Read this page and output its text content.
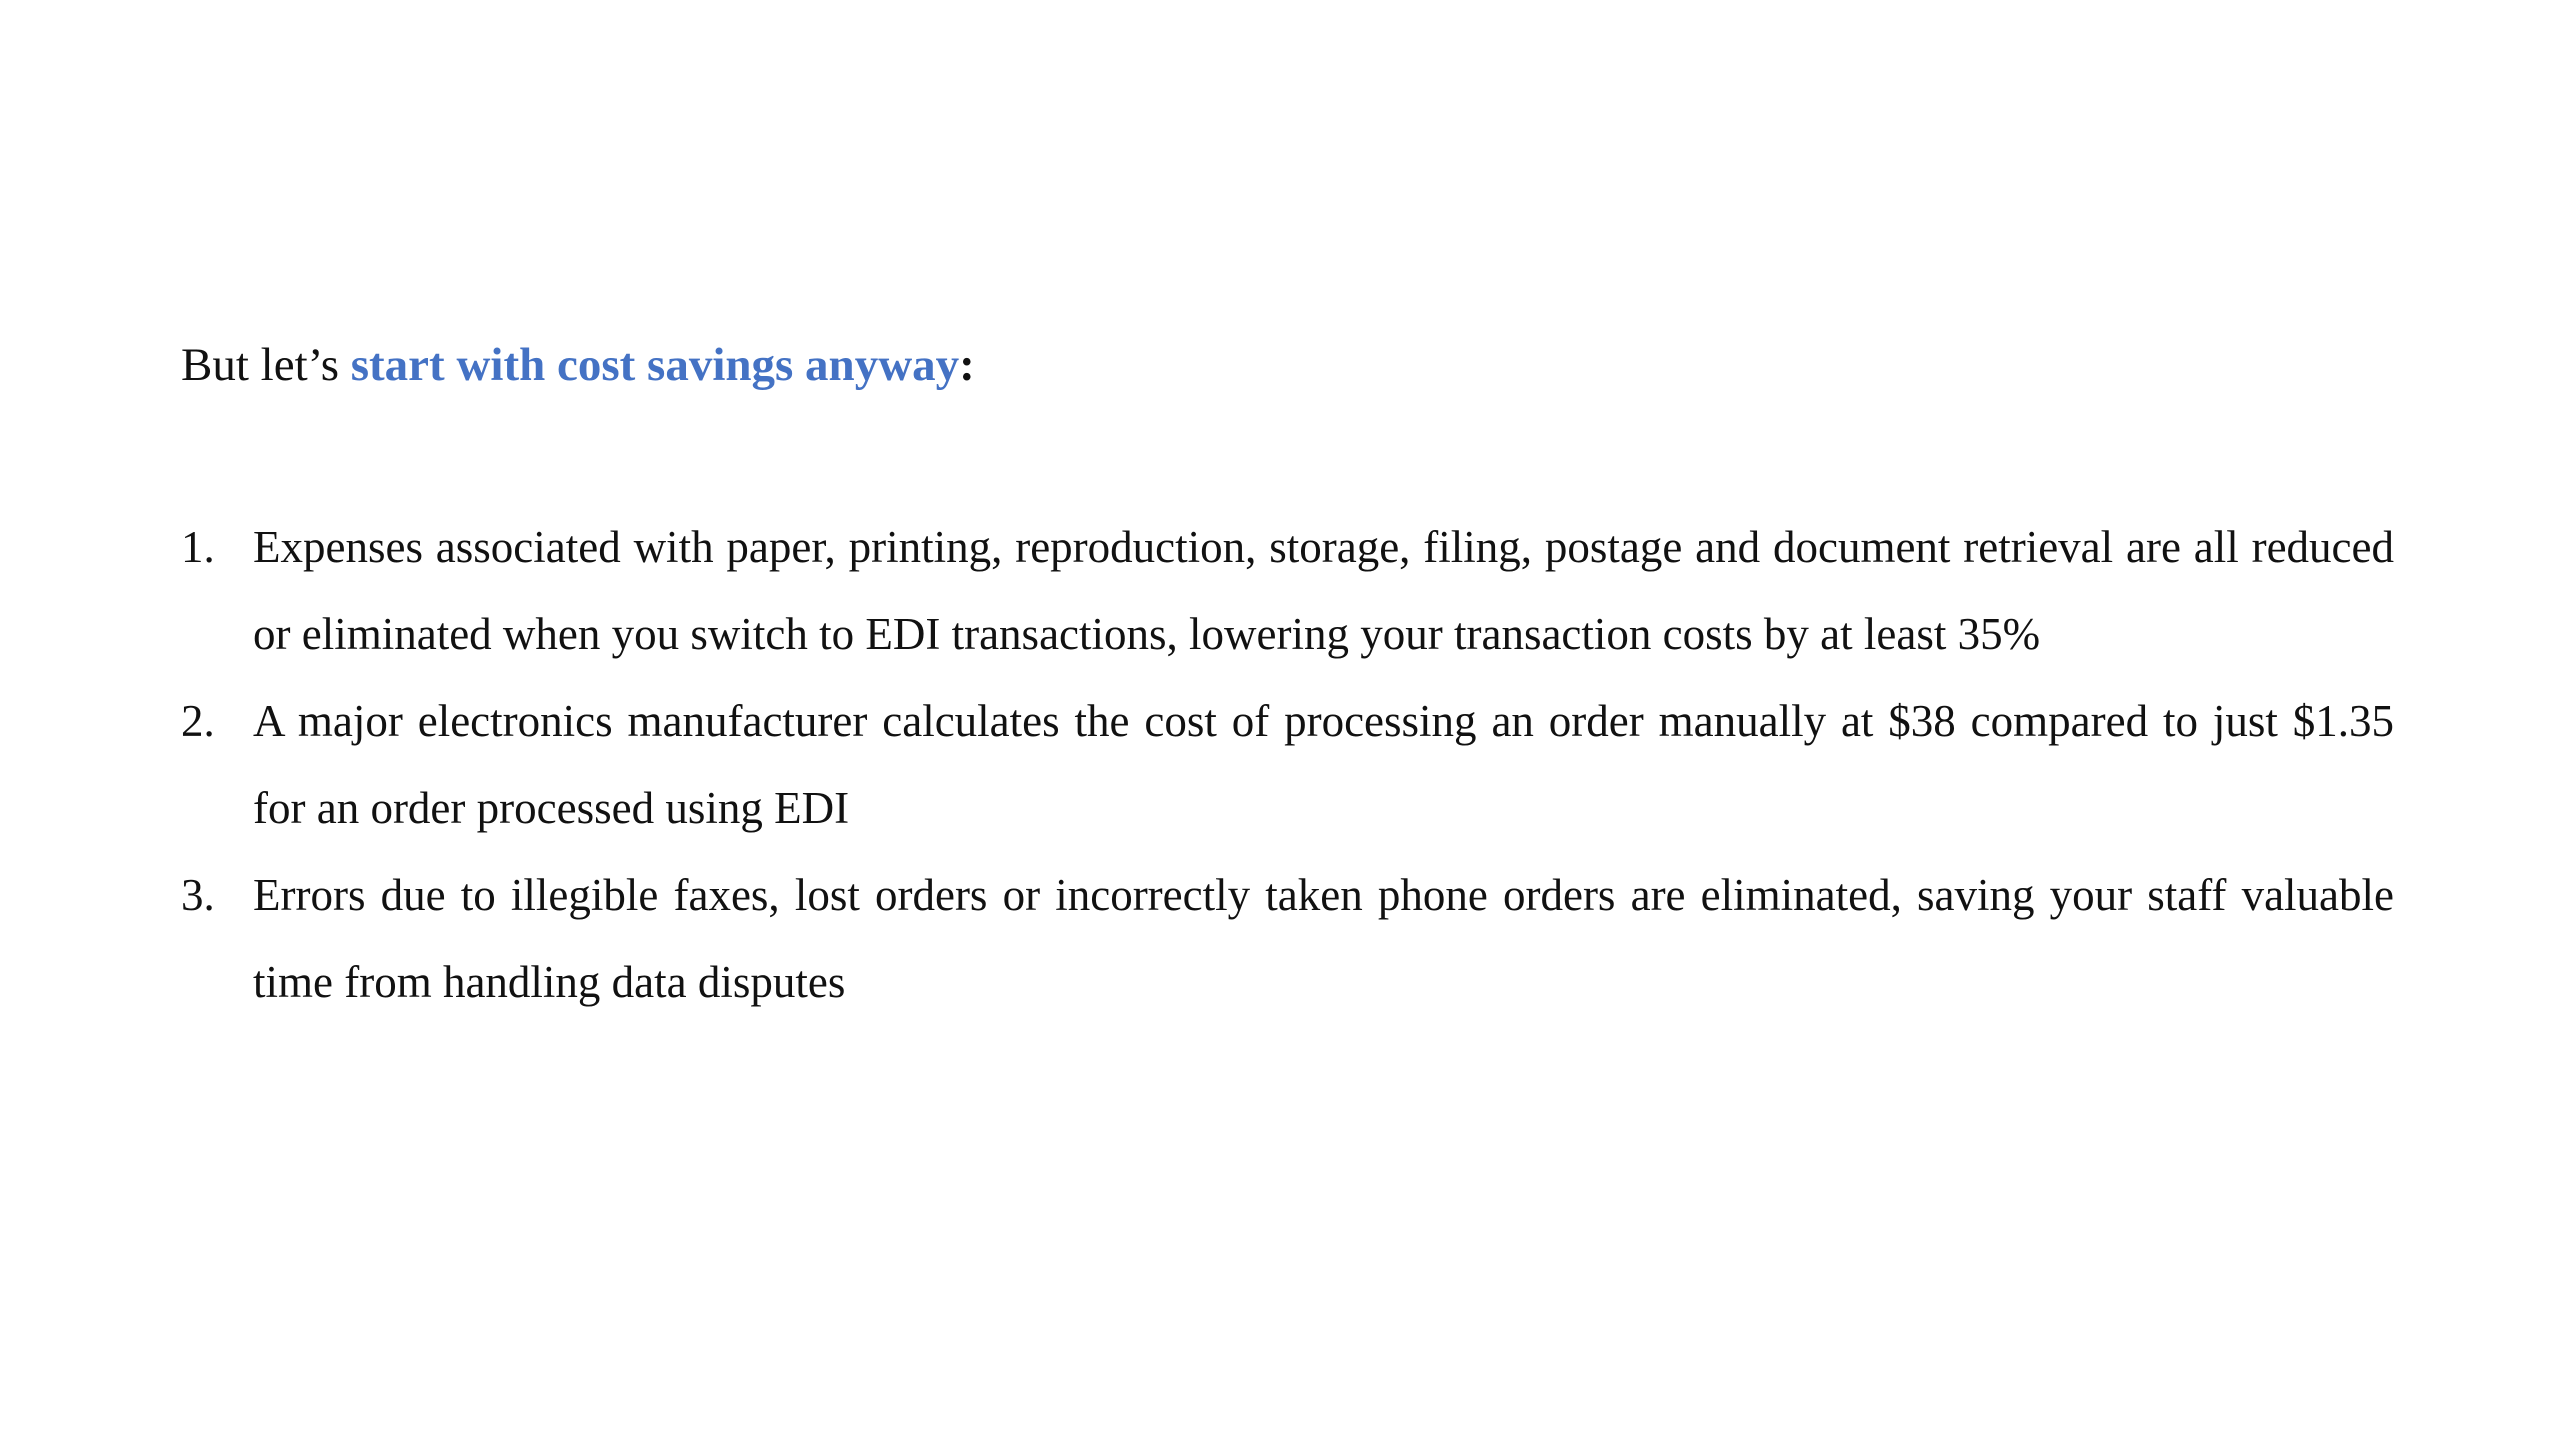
But let’s start with cost savings anyway:

1. Expenses associated with paper, printing, reproduction, storage, filing, postage and document retrieval are all reduced or eliminated when you switch to EDI transactions, lowering your transaction costs by at least 35%
2. A major electronics manufacturer calculates the cost of processing an order manually at $38 compared to just $1.35 for an order processed using EDI
3. Errors due to illegible faxes, lost orders or incorrectly taken phone orders are eliminated, saving your staff valuable time from handling data disputes
